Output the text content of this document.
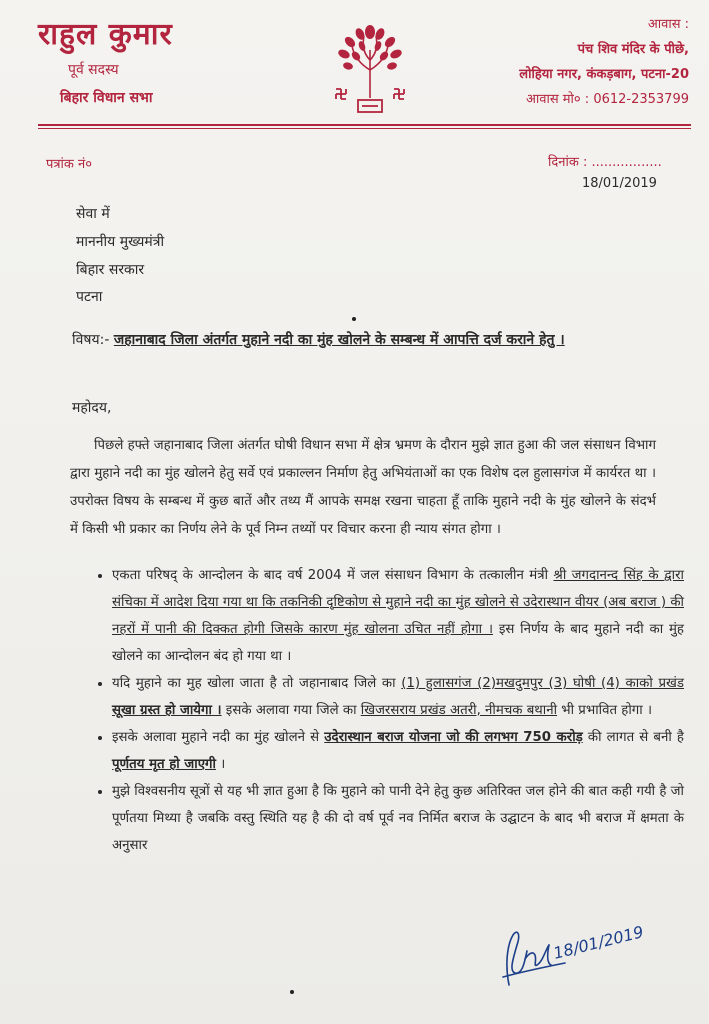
राहुल कुमार
पूर्व सदस्य
बिहार विधान सभा
आवास :
पंच शिव मंदिर के पीछे,
लोहिया नगर, कंकड़बाग, पटना-20
आवास मो० : 0612-2353799
पत्रांक नं०	दिनांक : .................
18/01/2019
सेवा में
माननीय मुख्यमंत्री
बिहार सरकार
पटना
विषय:- जहानाबाद जिला अंतर्गत मुहाने नदी का मुंह खोलने के सम्बन्ध में आपत्ति दर्ज कराने हेतु ।
महोदय,
पिछले हफ्ते जहानाबाद जिला अंतर्गत घोषी विधान सभा में क्षेत्र भ्रमण के दौरान मुझे ज्ञात हुआ की जल संसाधन विभाग द्वारा मुहाने नदी का मुंह खोलने हेतु सर्वे एवं प्रकाल्लन निर्माण हेतु अभियंताओं का एक विशेष दल हुलासगंज में कार्यरत था । उपरोक्त विषय के सम्बन्ध में कुछ बातें और तथ्य मैं आपके समक्ष रखना चाहता हूँ ताकि मुहाने नदी के मुंह खोलने के संदर्भ में किसी भी प्रकार का निर्णय लेने के पूर्व निम्न तथ्यों पर विचार करना ही न्याय संगत होगा ।
• एकता परिषद् के आन्दोलन के बाद वर्ष 2004 में जल संसाधन विभाग के तत्कालीन मंत्री श्री जगदानन्द सिंह के द्वारा संचिका में आदेश दिया गया था कि तकनिकी दृष्टिकोण से मुहाने नदी का मुंह खोलने से उदेरास्थान वीयर (अब बराज ) की नहरों में पानी की दिक्कत होगी जिसके कारण मुंह खोलना उचित नहीं होगा । इस निर्णय के बाद मुहाने नदी का मुंह खोलने का आन्दोलन बंद हो गया था ।
• यदि मुहाने का मुह खोला जाता है तो जहानाबाद जिले का (1) हुलासगंज (2)मखदुमपुर (3) घोषी (4) काको प्रखंड सूखा ग्रस्त हो जायेगा । इसके अलावा गया जिले का खिजरसराय प्रखंड अतरी, नीमचक बथानी भी प्रभावित होगा ।
• इसके अलावा मुहाने नदी का मुंह खोलने से उदेरास्थान बराज योजना जो की लगभग 750 करोड़ की लागत से बनी है पूर्णतय मृत हो जाएगी ।
• मुझे विश्वसनीय सूत्रों से यह भी ज्ञात हुआ है कि मुहाने को पानी देने हेतु कुछ अतिरिक्त जल होने की बात कही गयी है जो पूर्णतया मिथ्या है जबकि वस्तु स्थिति यह है की दो वर्ष पूर्व नव निर्मित बराज के उद्घाटन के बाद भी बराज में क्षमता के अनुसार
18/01/2019
